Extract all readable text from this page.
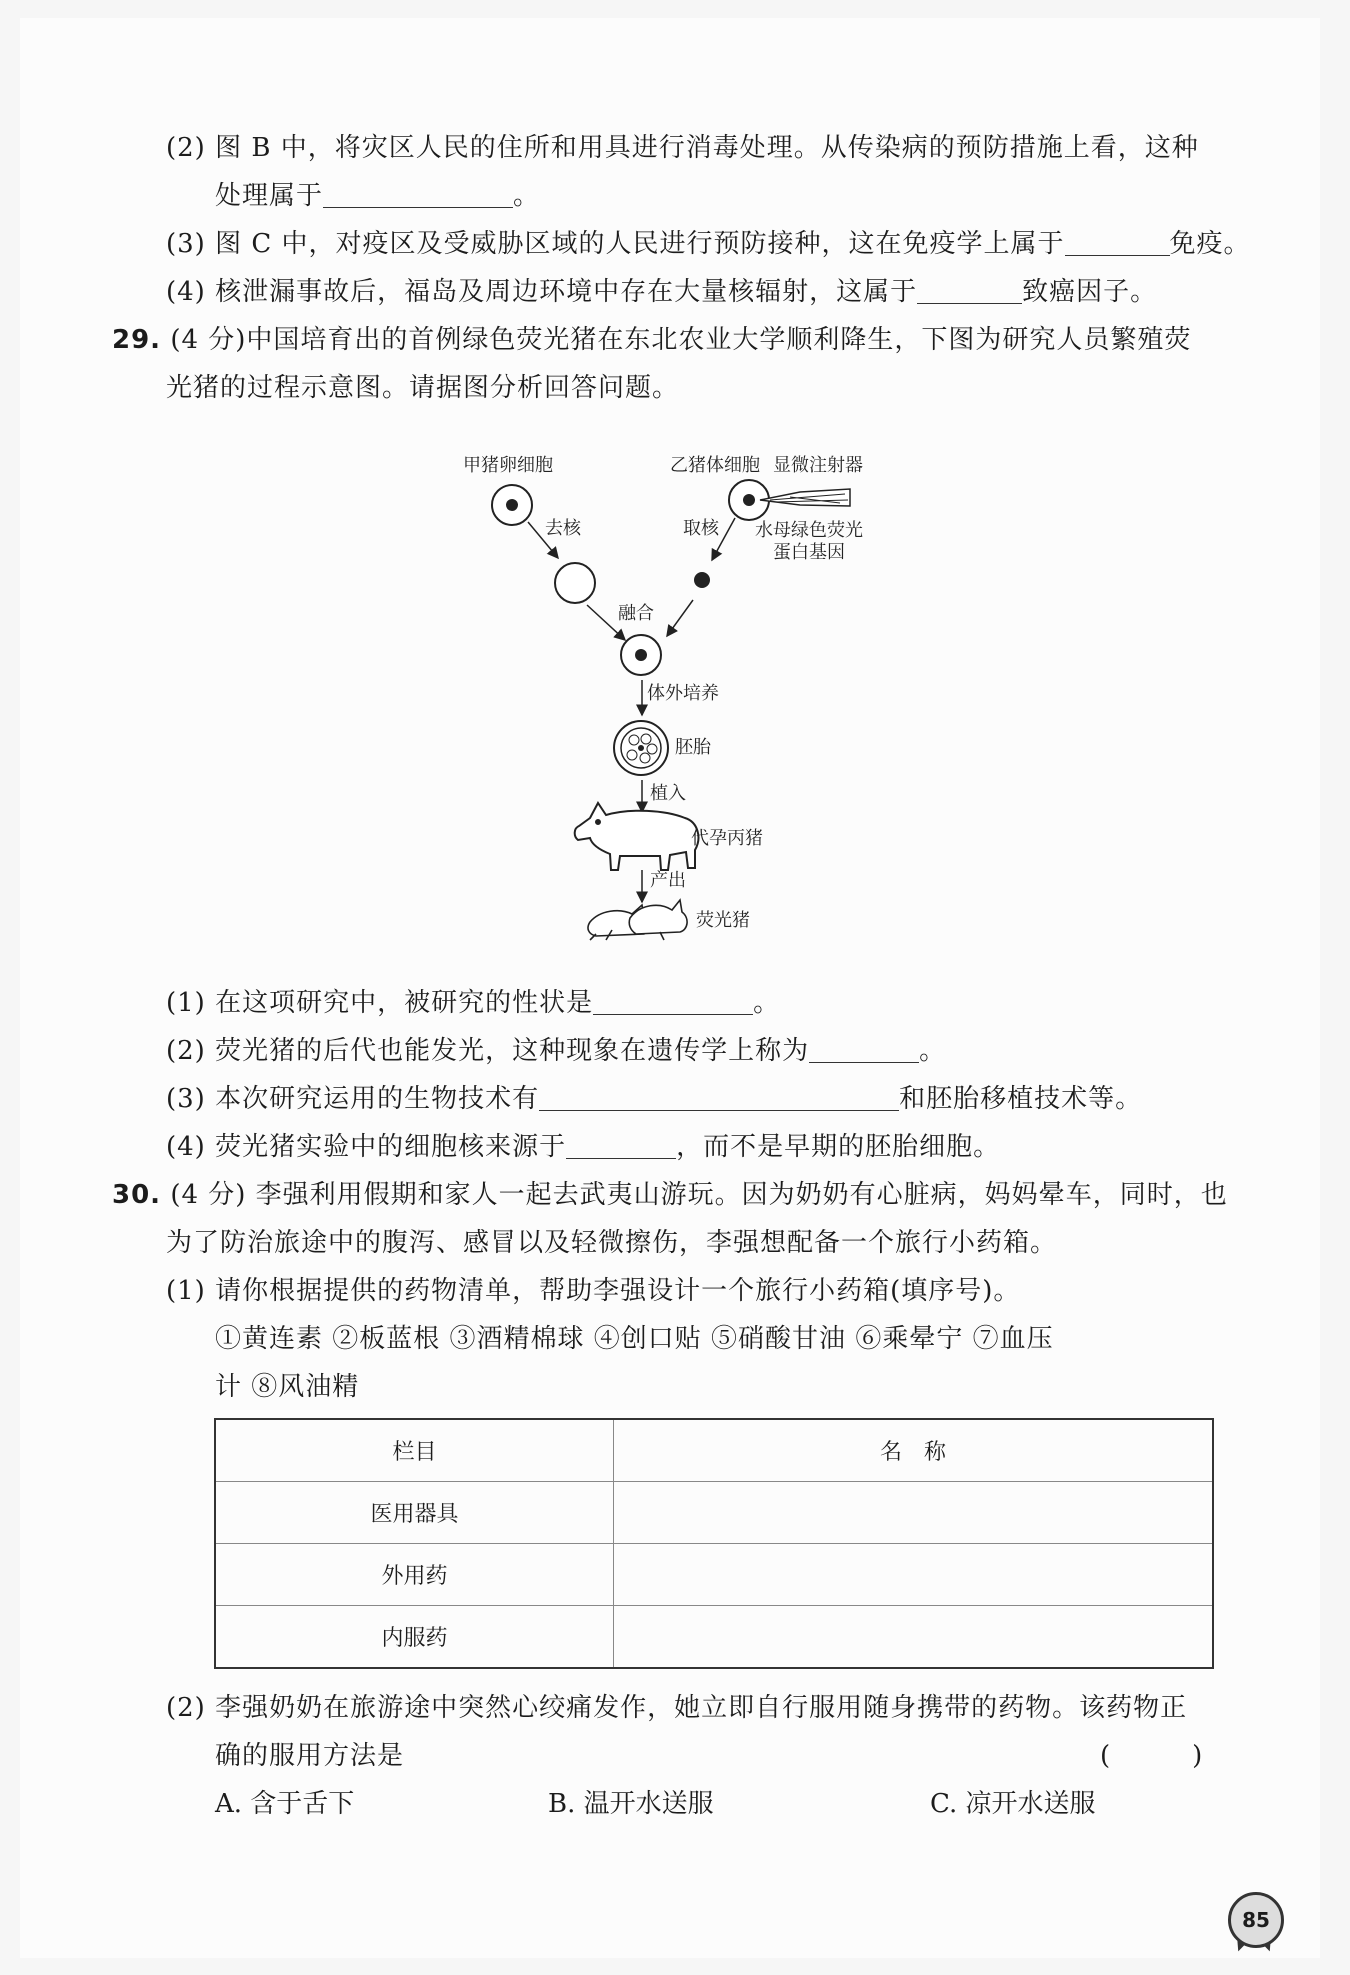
(2) 图 B 中，将灾区人民的住所和用具进行消毒处理。从传染病的预防措施上看，这种
处理属于	。
(3) 图 C 中，对疫区及受威胁区域的人民进行预防接种，这在免疫学上属于	免疫。
(4) 核泄漏事故后，福岛及周边环境中存在大量核辐射，这属于	致癌因子。
29. (4 分)中国培育出的首例绿色荧光猪在东北农业大学顺利降生，下图为研究人员繁殖荧
光猪的过程示意图。请据图分析回答问题。
甲猪卵细胞	乙猪体细胞 显微注射器
去核	取核 水母绿色荧光
蛋白基因
融合
体外培养
胚胎
植入
代孕丙猪
产出
荧光猪
(1) 在这项研究中，被研究的性状是	。
(2) 荧光猪的后代也能发光，这种现象在遗传学上称为	。
(3) 本次研究运用的生物技术有	和胚胎移植技术等。
(4) 荧光猪实验中的细胞核来源于	，而不是早期的胚胎细胞。
30. (4 分) 李强利用假期和家人一起去武夷山游玩。因为奶奶有心脏病，妈妈晕车，同时，也
为了防治旅途中的腹泻、感冒以及轻微擦伤，李强想配备一个旅行小药箱。
(1) 请你根据提供的药物清单，帮助李强设计一个旅行小药箱(填序号)。
①黄连素 ②板蓝根 ③酒精棉球 ④创口贴 ⑤硝酸甘油 ⑥乘晕宁 ⑦血压
计 ⑧风油精
栏目	名　称
医用器具	
外用药	
内服药	
(2) 李强奶奶在旅游途中突然心绞痛发作，她立即自行服用随身携带的药物。该药物正
确的服用方法是	(　　　)
A. 含于舌下	B. 温开水送服	C. 凉开水送服
85
